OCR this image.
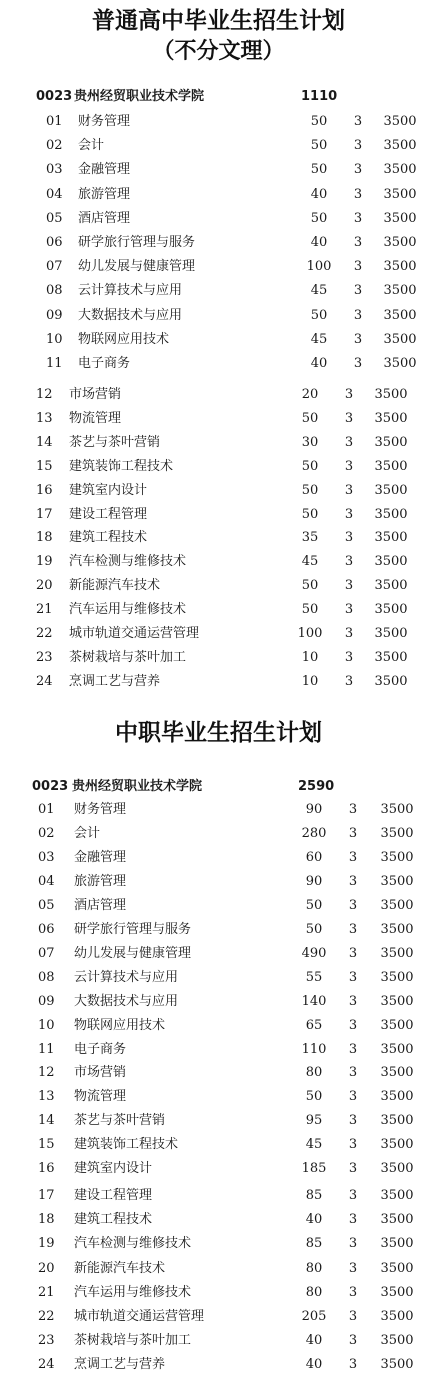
普通高中毕业生招生计划
（不分文理）
0023 贵州经贸职业技术学院	1110
01	财务管理	50	3 3500
02	会计	50	3 3500
03	金融管理	50	3 3500
04	旅游管理	40	3 3500
05	酒店管理	50	3 3500
06	研学旅行管理与服务	40	3 3500
07	幼儿发展与健康管理	100	3 3500
08	云计算技术与应用	45	3 3500
09	大数据技术与应用	50	3 3500
10	物联网应用技术	45	3 3500
11	电子商务	40	3 3500
12	市场营销	20	3 3500
13	物流管理	50	3 3500
14	茶艺与茶叶营销	30	3 3500
15	建筑装饰工程技术	50	3 3500
16	建筑室内设计	50	3 3500
17	建设工程管理	50	3 3500
18	建筑工程技术	35	3 3500
19	汽车检测与维修技术	45	3 3500
20	新能源汽车技术	50	3 3500
21	汽车运用与维修技术	50	3 3500
22	城市轨道交通运营管理	100	3 3500
23	茶树栽培与茶叶加工	10	3 3500
24	烹调工艺与营养	10	3 3500
中职毕业生招生计划
0023 贵州经贸职业技术学院	2590
01	财务管理	90	3 3500
02	会计	280	3 3500
03	金融管理	60	3 3500
04	旅游管理	90	3 3500
05	酒店管理	50	3 3500
06	研学旅行管理与服务	50	3 3500
07	幼儿发展与健康管理	490	3 3500
08	云计算技术与应用	55	3 3500
09	大数据技术与应用	140	3 3500
10	物联网应用技术	65	3 3500
11	电子商务	110	3 3500
12	市场营销	80	3 3500
13	物流管理	50	3 3500
14	茶艺与茶叶营销	95	3 3500
15	建筑装饰工程技术	45	3 3500
16	建筑室内设计	185	3 3500
17	建设工程管理	85	3 3500
18	建筑工程技术	40	3 3500
19	汽车检测与维修技术	85	3 3500
20	新能源汽车技术	80	3 3500
21	汽车运用与维修技术	80	3 3500
22	城市轨道交通运营管理	205	3 3500
23	茶树栽培与茶叶加工	40	3 3500
24	烹调工艺与营养	40	3 3500
